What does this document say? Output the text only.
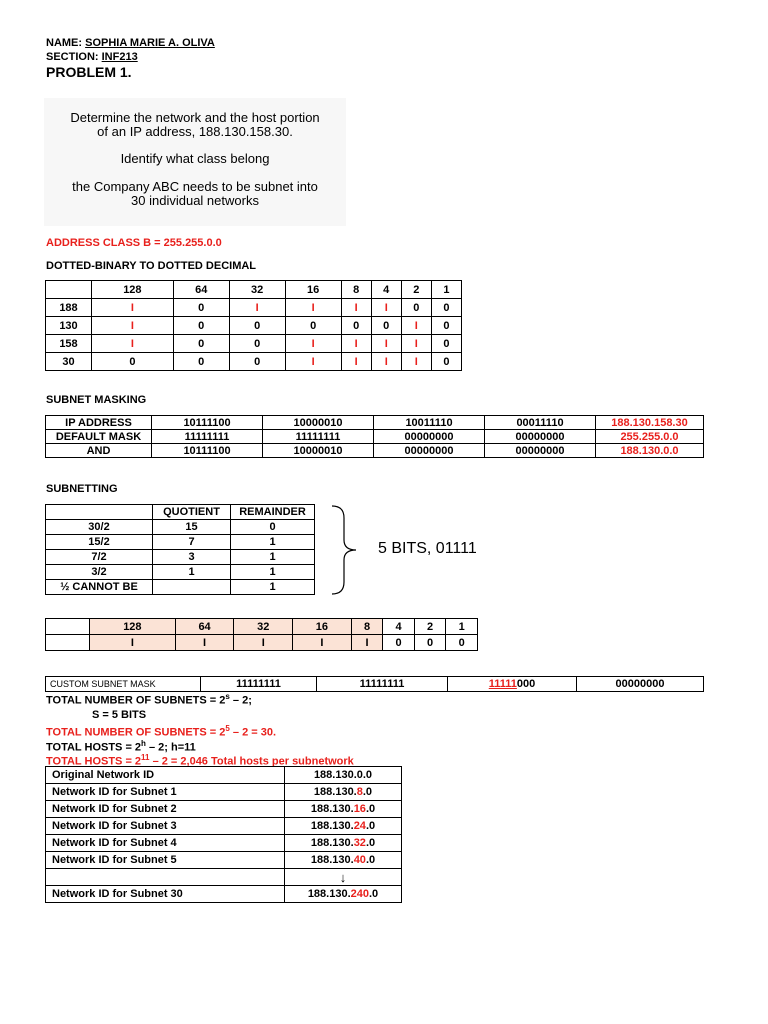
NAME: SOPHIA MARIE A. OLIVA
SECTION: INF213
PROBLEM 1.
Determine the network and the host portion
of an IP address, 188.130.158.30.
Identify what class belong
the Company ABC needs to be subnet into
30 individual networks
ADDRESS CLASS B = 255.255.0.0
DOTTED-BINARY TO DOTTED DECIMAL
	128	64	32	16	8	4	2	1
188	I	0	I	I	I	I	0	0
130	I	0	0	0	0	0	I	0
158	I	0	0	I	I	I	I	0
30	0	0	0	I	I	I	I	0
SUBNET MASKING
IP ADDRESS	10111100	10000010	10011110	00011110	188.130.158.30
DEFAULT MASK	11111111	11111111	00000000	00000000	255.255.0.0
AND	10111100	10000010	00000000	00000000	188.130.0.0
SUBNETTING
	QUOTIENT	REMAINDER
30/2	15	0
15/2	7	1
7/2	3	1
3/2	1	1
½ CANNOT BE		1
5 BITS, 01111
	128	64	32	16	8	4	2	1
	I	I	I	I	I	0	0	0
CUSTOM SUBNET MASK	11111111	11111111	11111000	00000000
TOTAL NUMBER OF SUBNETS = $2^s - 2$;
S = 5 BITS
TOTAL NUMBER OF SUBNETS = $2^5 - 2 = 30$.
TOTAL HOSTS = $2^h - 2$; h=11
TOTAL HOSTS = $2^{11} - 2 = 2,046$ Total hosts per subnetwork
Original Network ID	188.130.0.0
Network ID for Subnet 1	188.130.8.0
Network ID for Subnet 2	188.130.16.0
Network ID for Subnet 3	188.130.24.0
Network ID for Subnet 4	188.130.32.0
Network ID for Subnet 5	188.130.40.0
	↓
Network ID for Subnet 30	188.130.240.0
